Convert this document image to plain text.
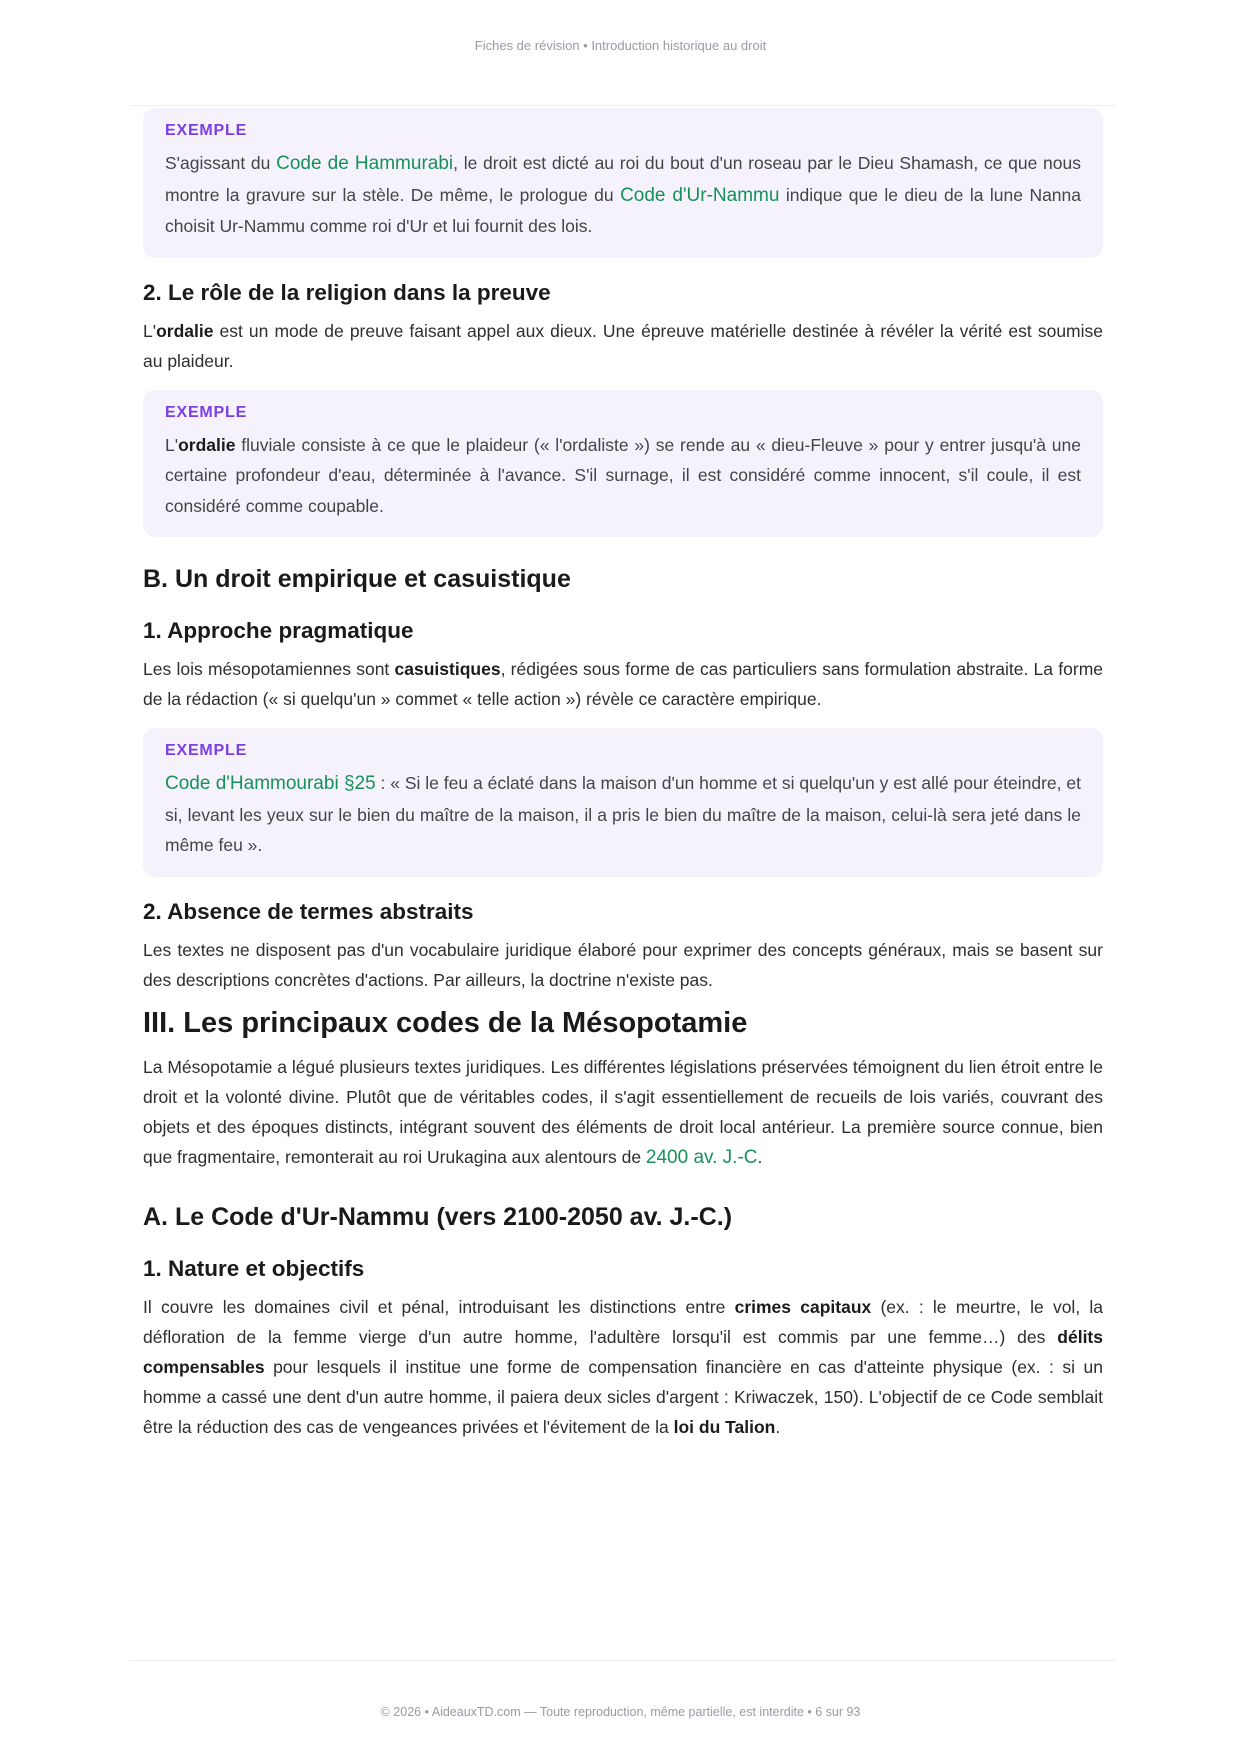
Fiches de révision • Introduction historique au droit
EXEMPLE
S'agissant du Code de Hammurabi, le droit est dicté au roi du bout d'un roseau par le Dieu Shamash, ce que nous montre la gravure sur la stèle. De même, le prologue du Code d'Ur-Nammu indique que le dieu de la lune Nanna choisit Ur-Nammu comme roi d'Ur et lui fournit des lois.
2. Le rôle de la religion dans la preuve

L'ordalie est un mode de preuve faisant appel aux dieux. Une épreuve matérielle destinée à révéler la vérité est soumise au plaideur.

EXEMPLE
L'ordalie fluviale consiste à ce que le plaideur (« l'ordaliste ») se rende au « dieu-Fleuve » pour y entrer jusqu'à une certaine profondeur d'eau, déterminée à l'avance. S'il surnage, il est considéré comme innocent, s'il coule, il est considéré comme coupable.
B. Un droit empirique et casuistique
1. Approche pragmatique

Les lois mésopotamiennes sont casuistiques, rédigées sous forme de cas particuliers sans formulation abstraite. La forme de la rédaction (« si quelqu'un » commet « telle action ») révèle ce caractère empirique.

EXEMPLE
Code d'Hammourabi §25 : « Si le feu a éclaté dans la maison d'un homme et si quelqu'un y est allé pour éteindre, et si, levant les yeux sur le bien du maître de la maison, il a pris le bien du maître de la maison, celui-là sera jeté dans le même feu ».
2. Absence de termes abstraits

Les textes ne disposent pas d'un vocabulaire juridique élaboré pour exprimer des concepts généraux, mais se basent sur des descriptions concrètes d'actions. Par ailleurs, la doctrine n'existe pas.

III. Les principaux codes de la Mésopotamie

La Mésopotamie a légué plusieurs textes juridiques. Les différentes législations préservées témoignent du lien étroit entre le droit et la volonté divine. Plutôt que de véritables codes, il s'agit essentiellement de recueils de lois variés, couvrant des objets et des époques distincts, intégrant souvent des éléments de droit local antérieur. La première source connue, bien que fragmentaire, remonterait au roi Urukagina aux alentours de 2400 av. J.-C.

A. Le Code d'Ur-Nammu (vers 2100-2050 av. J.-C.)
1. Nature et objectifs

Il couvre les domaines civil et pénal, introduisant les distinctions entre crimes capitaux (ex. : le meurtre, le vol, la défloration de la femme vierge d'un autre homme, l'adultère lorsqu'il est commis par une femme…) des délits compensables pour lesquels il institue une forme de compensation financière en cas d'atteinte physique (ex. : si un homme a cassé une dent d'un autre homme, il paiera deux sicles d'argent : Kriwaczek, 150). L'objectif de ce Code semblait être la réduction des cas de vengeances privées et l'évitement de la loi du Talion.

© 2026 • AideauxTD.com — Toute reproduction, même partielle, est interdite • 6 sur 93
